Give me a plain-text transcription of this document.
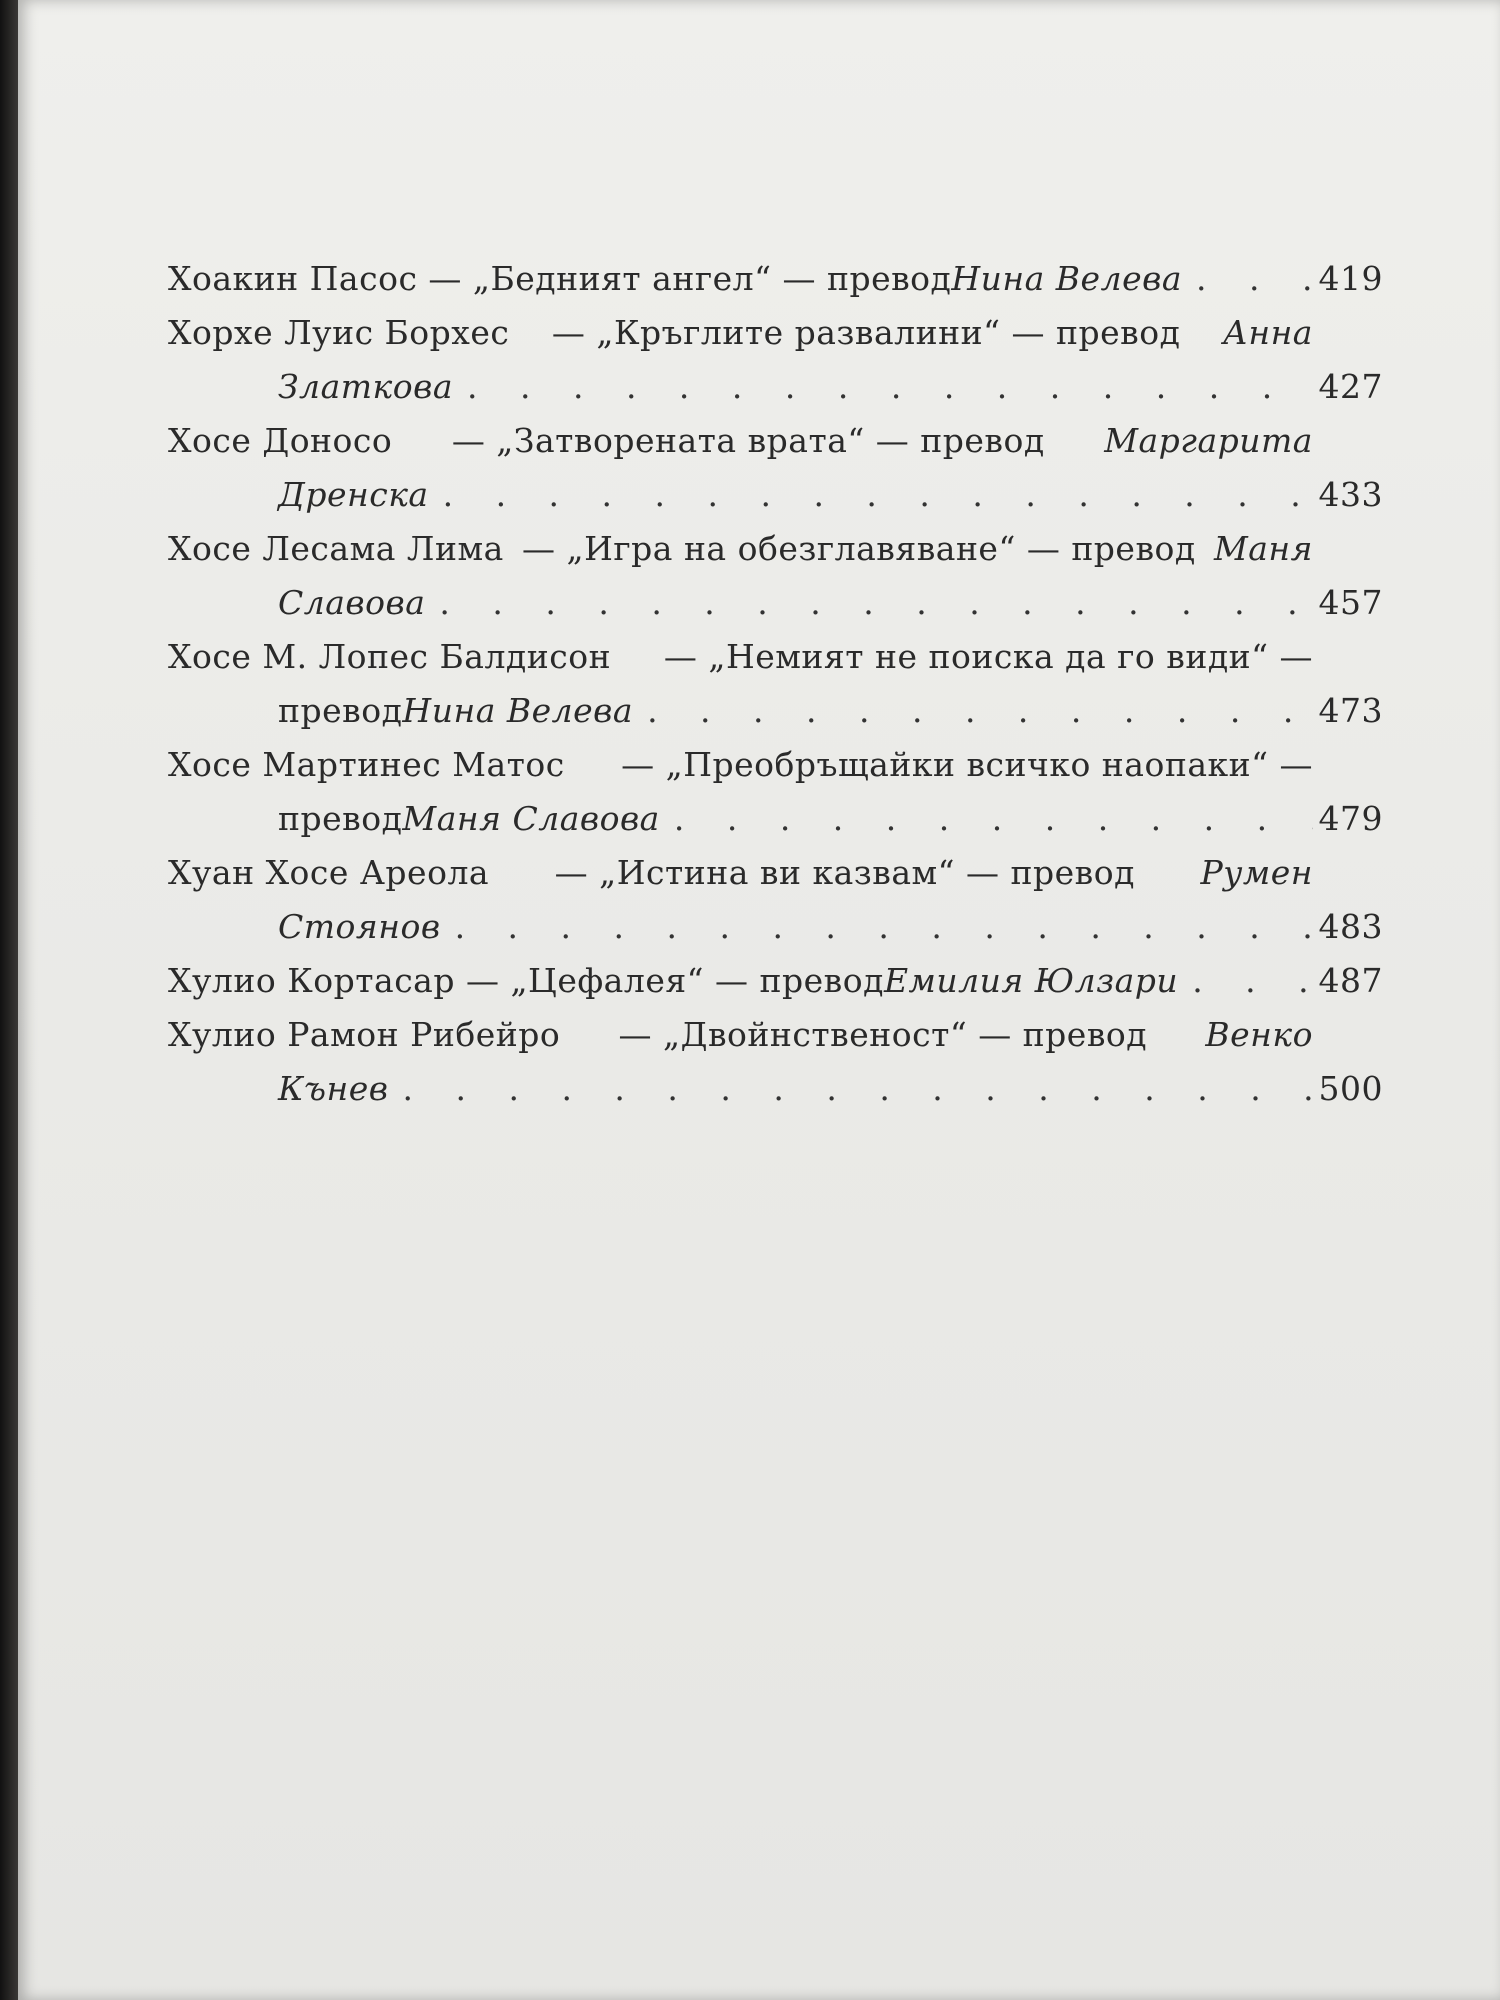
Хоакин Пасос — „Бедният ангел“ — превод Нина Велева . . .	419
Хорхе Луис Борхес — „Кръглите развалини“ — превод Анна
Златкова . . .	427
Хосе Доносо — „Затворената врата“ — превод Маргарита
Дренска . . .	433
Хосе Лесама Лима — „Игра на обезглавяване“ — превод Маня
Славова . . .	457
Хосе М. Лопес Балдисон — „Немият не поиска да го види“ —
превод Нина Велева . . .	473
Хосе Мартинес Матос — „Преобръщайки всичко наопаки“ —
превод Маня Славова . . .	479
Хуан Хосе Ареола — „Истина ви казвам“ — превод Румен
Стоянов . . .	483
Хулио Кортасар — „Цефалея“ — превод Емилия Юлзари . . .	487
Хулио Рамон Рибейро — „Двойнственост“ — превод Венко
Кънев . . .	500
